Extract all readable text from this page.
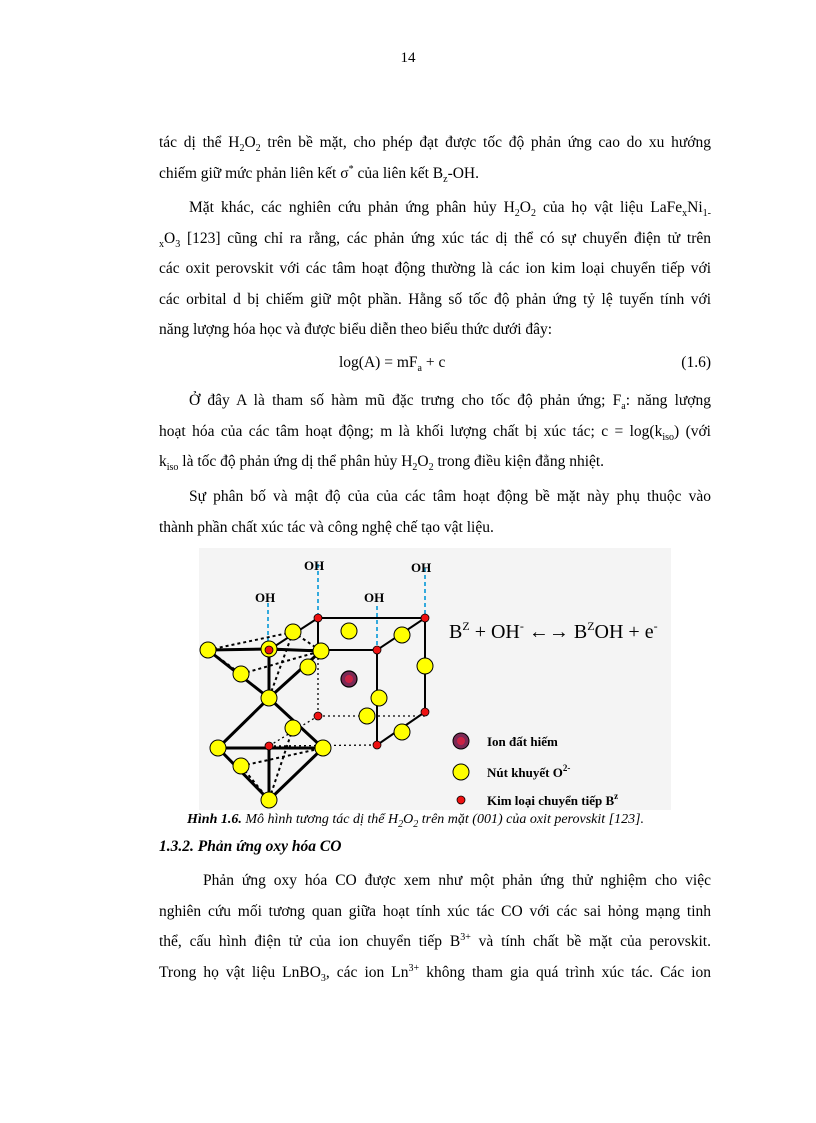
14
tác dị thể $H_2O_2$ trên bề mặt, cho phép đạt được tốc độ phản ứng cao do xu hướng
chiếm giữ mức phản liên kết σ* của liên kết $B_z-OH$.
Mặt khác, các nghiên cứu phản ứng phân hủy $H_2O_2$ của họ vật liệu $LaFe_xNi_{1-}$
$_xO_3$ [123] cũng chỉ ra rằng, các phản ứng xúc tác dị thể có sự chuyển điện tử trên
các oxit perovskit với các tâm hoạt động thường là các ion kim loại chuyển tiếp với
các orbital d bị chiếm giữ một phần. Hằng số tốc độ phản ứng tỷ lệ tuyến tính với
năng lượng hóa học và được biểu diễn theo biểu thức dưới đây:
$\log(A) = mF_a + c$	(1.6)
Ở đây A là tham số hàm mũ đặc trưng cho tốc độ phản ứng; $F_a$: năng lượng
hoạt hóa của các tâm hoạt động; m là khối lượng chất bị xúc tác; $c = \log(k_{iso})$ (với
$k_{iso}$ là tốc độ phản ứng dị thể phân hủy $H_2O_2$ trong điều kiện đẳng nhiệt.
Sự phân bố và mật độ của của các tâm hoạt động bề mặt này phụ thuộc vào
thành phần chất xúc tác và công nghệ chế tạo vật liệu.
OH	OH
OH	OH
$B^Z + OH^-$ ←→ $B^ZOH + e^-$
Ion đất hiếm
Nút khuyết $O^{2-}$
Kim loại chuyển tiếp $B^z$
Hình 1.6. Mô hình tương tác dị thể $H_2O_2$ trên mặt (001) của oxit perovskit [123].
1.3.2. Phản ứng oxy hóa CO
Phản ứng oxy hóa CO được xem như một phản ứng thử nghiệm cho việc
nghiên cứu mối tương quan giữa hoạt tính xúc tác CO với các sai hỏng mạng tinh
thể, cấu hình điện tử của ion chuyển tiếp $B^{3+}$ và tính chất bề mặt của perovskit.
Trong họ vật liệu LnBO$_3$, các ion $Ln^{3+}$ không tham gia quá trình xúc tác. Các ion
